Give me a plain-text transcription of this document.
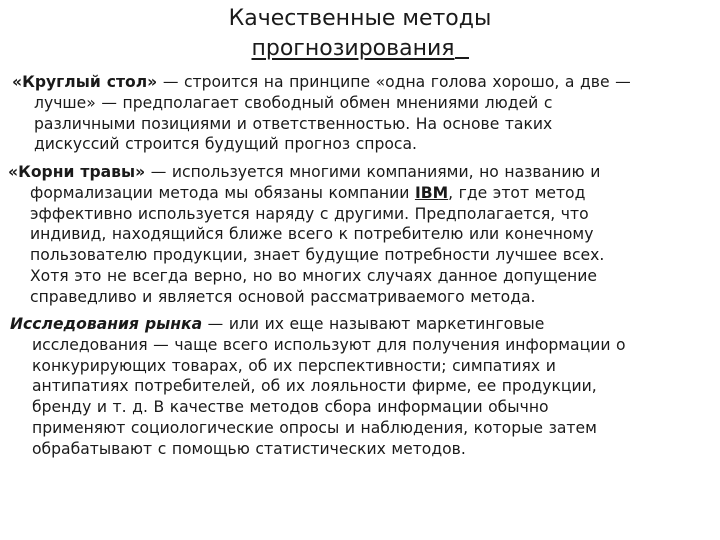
Качественные методы
прогнозирования

«Круглый стол» — строится на принципе «одна голова хорошо, а две —
лучше» — предполагает свободный обмен мнениями людей с
различными позициями и ответственностью. На основе таких
дискуссий строится будущий прогноз спроса.

«Корни травы» — используется многими компаниями, но названию и
формализации метода мы обязаны компании IBM, где этот метод
эффективно используется наряду с другими. Предполагается, что
индивид, находящийся ближе всего к потребителю или конечному
пользователю продукции, знает будущие потребности лучшее всех.
Хотя это не всегда верно, но во многих случаях данное допущение
справедливо и является основой рассматриваемого метода.

Исследования рынка — или их еще называют маркетинговые
исследования — чаще всего используют для получения информации о
конкурирующих товарах, об их перспективности; симпатиях и
антипатиях потребителей, об их лояльности фирме, ее продукции,
бренду и т. д. В качестве методов сбора информации обычно
применяют социологические опросы и наблюдения, которые затем
обрабатывают с помощью статистических методов.
